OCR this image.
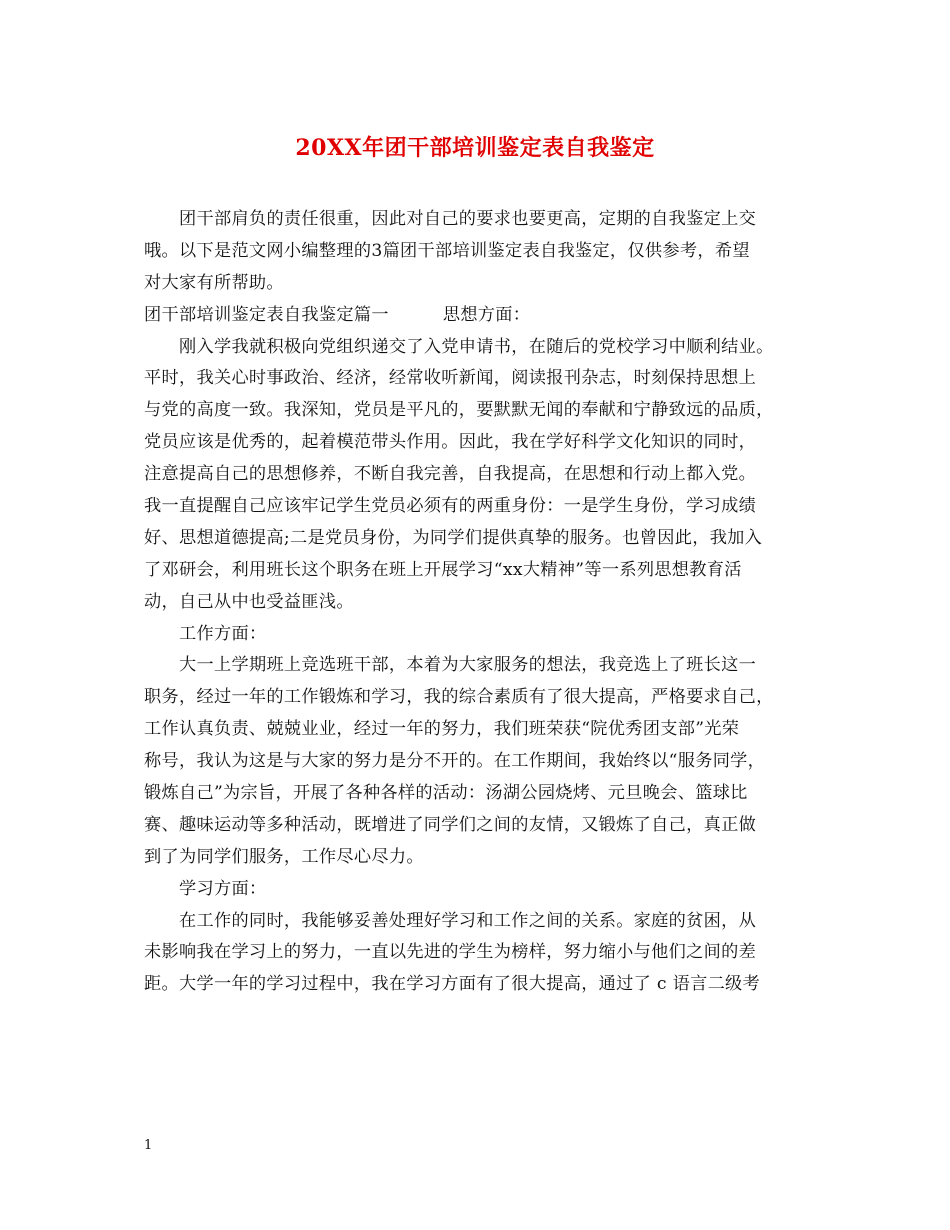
20XX年团干部培训鉴定表自我鉴定
团干部肩负的责任很重，因此对自己的要求也要更高，定期的自我鉴定上交
哦。以下是范文网小编整理的3篇团干部培训鉴定表自我鉴定，仅供参考，希望
对大家有所帮助。
团干部培训鉴定表自我鉴定篇一	思想方面：
刚入学我就积极向党组织递交了入党申请书，在随后的党校学习中顺利结业。
平时，我关心时事政治、经济，经常收听新闻，阅读报刊杂志，时刻保持思想上
与党的高度一致。我深知，党员是平凡的，要默默无闻的奉献和宁静致远的品质，
党员应该是优秀的，起着模范带头作用。因此，我在学好科学文化知识的同时，
注意提高自己的思想修养，不断自我完善，自我提高，在思想和行动上都入党。
我一直提醒自己应该牢记学生党员必须有的两重身份：一是学生身份，学习成绩
好、思想道德提高;二是党员身份，为同学们提供真挚的服务。也曾因此，我加入
了邓研会，利用班长这个职务在班上开展学习“xx大精神”等一系列思想教育活
动，自己从中也受益匪浅。
工作方面：
大一上学期班上竞选班干部，本着为大家服务的想法，我竞选上了班长这一
职务，经过一年的工作锻炼和学习，我的综合素质有了很大提高，严格要求自己，
工作认真负责、兢兢业业，经过一年的努力，我们班荣获“院优秀团支部”光荣
称号，我认为这是与大家的努力是分不开的。在工作期间，我始终以“服务同学，
锻炼自己”为宗旨，开展了各种各样的活动：汤湖公园烧烤、元旦晚会、篮球比
赛、趣味运动等多种活动，既增进了同学们之间的友情，又锻炼了自己，真正做
到了为同学们服务，工作尽心尽力。
学习方面：
在工作的同时，我能够妥善处理好学习和工作之间的关系。家庭的贫困，从
未影响我在学习上的努力，一直以先进的学生为榜样，努力缩小与他们之间的差
距。大学一年的学习过程中，我在学习方面有了很大提高，通过了 c 语言二级考
1
